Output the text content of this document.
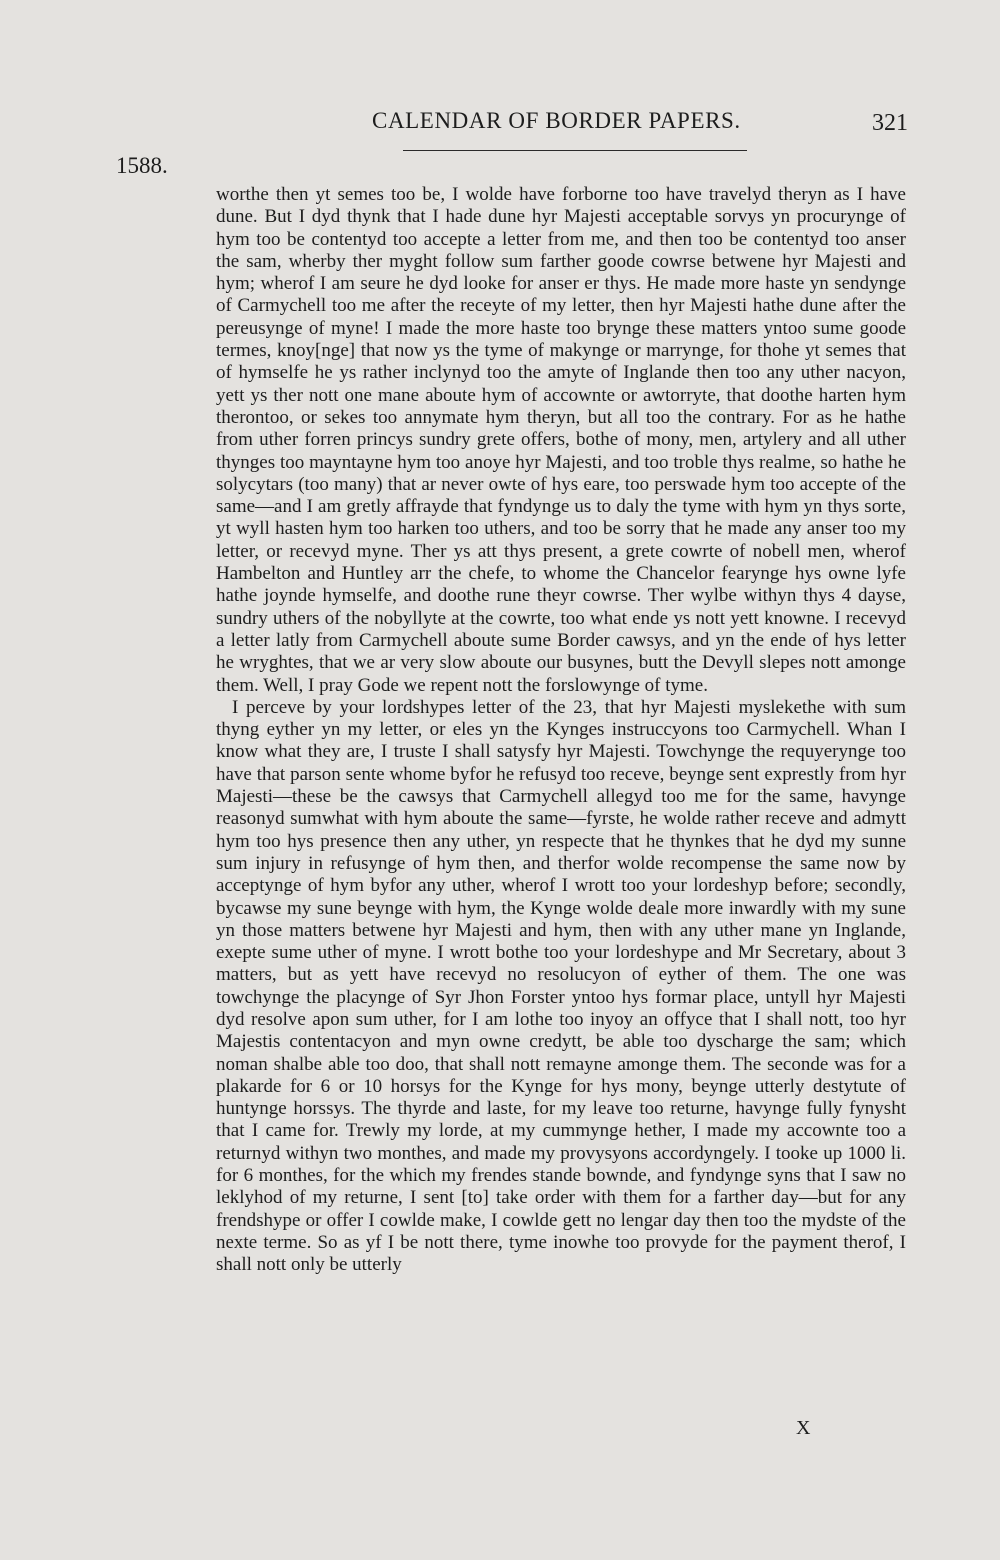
CALENDAR OF BORDER PAPERS.	321
1588.

worthe then yt semes too be, I wolde have forborne too have travelyd theryn as I have dune. But I dyd thynk that I hade dune hyr Majesti acceptable sorvys yn procurynge of hym too be contentyd too accepte a letter from me, and then too be contentyd too anser the sam, wherby ther myght follow sum farther goode cowrse betwene hyr Majesti and hym; wherof I am seure he dyd looke for anser er thys. He made more haste yn sendynge of Carmychell too me after the receyte of my letter, then hyr Majesti hathe dune after the pereusynge of myne! I made the more haste too brynge these matters yntoo sume goode termes, knoy[nge] that now ys the tyme of makynge or marrynge, for thohe yt semes that of hymselfe he ys rather inclynyd too the amyte of Inglande then too any uther nacyon, yett ys ther nott one mane aboute hym of accownte or awtorryte, that doothe harten hym therontoo, or sekes too annymate hym theryn, but all too the contrary. For as he hathe from uther forren princys sundry grete offers, bothe of mony, men, artylery and all uther thynges too mayntayne hym too anoye hyr Majesti, and too troble thys realme, so hathe he solycytars (too many) that ar never owte of hys eare, too perswade hym too accepte of the same—and I am gretly affrayde that fyndynge us to daly the tyme with hym yn thys sorte, yt wyll hasten hym too harken too uthers, and too be sorry that he made any anser too my letter, or recevyd myne. Ther ys att thys present, a grete cowrte of nobell men, wherof Hambelton and Huntley arr the chefe, to whome the Chancelor fearynge hys owne lyfe hathe joynde hymselfe, and doothe rune theyr cowrse. Ther wylbe withyn thys 4 dayse, sundry uthers of the nobyllyte at the cowrte, too what ende ys nott yett knowne. I recevyd a letter latly from Carmychell aboute sume Border cawsys, and yn the ende of hys letter he wryghtes, that we ar very slow aboute our busynes, butt the Devyll slepes nott amonge them. Well, I pray Gode we repent nott the forslowynge of tyme.

I perceve by your lordshypes letter of the 23, that hyr Majesti myslekethe with sum thyng eyther yn my letter, or eles yn the Kynges instruccyons too Carmychell. Whan I know what they are, I truste I shall satysfy hyr Majesti. Towchynge the requyerynge too have that parson sente whome byfor he refusyd too receve, beynge sent exprestly from hyr Majesti—these be the cawsys that Carmychell allegyd too me for the same, havynge reasonyd sumwhat with hym aboute the same—fyrste, he wolde rather receve and admytt hym too hys presence then any uther, yn respecte that he thynkes that he dyd my sunne sum injury in refusynge of hym then, and therfor wolde recompense the same now by acceptynge of hym byfor any uther, wherof I wrott too your lordeshyp before; secondly, bycawse my sune beynge with hym, the Kynge wolde deale more inwardly with my sune yn those matters betwene hyr Majesti and hym, then with any uther mane yn Inglande, exepte sume uther of myne. I wrott bothe too your lordeshype and Mr Secretary, about 3 matters, but as yett have recevyd no resolucyon of eyther of them. The one was towchynge the placynge of Syr Jhon Forster yntoo hys formar place, untyll hyr Majesti dyd resolve apon sum uther, for I am lothe too inyoy an offyce that I shall nott, too hyr Majestis contentacyon and myn owne credytt, be able too dyscharge the sam; which noman shalbe able too doo, that shall nott remayne amonge them. The seconde was for a plakarde for 6 or 10 horsys for the Kynge for hys mony, beynge utterly destytute of huntynge horssys. The thyrde and laste, for my leave too returne, havynge fully fynysht that I came for. Trewly my lorde, at my cummynge hether, I made my accownte too a returnyd withyn two monthes, and made my provysyons accordyngely. I tooke up 1000 li. for 6 monthes, for the which my frendes stande bownde, and fyndynge syns that I saw no leklyhod of my returne, I sent [to] take order with them for a farther day—but for any frendshype or offer I cowlde make, I cowlde gett no lengar day then too the mydste of the nexte terme. So as yf I be nott there, tyme inowhe too provyde for the payment therof, I shall nott only be utterly

X
